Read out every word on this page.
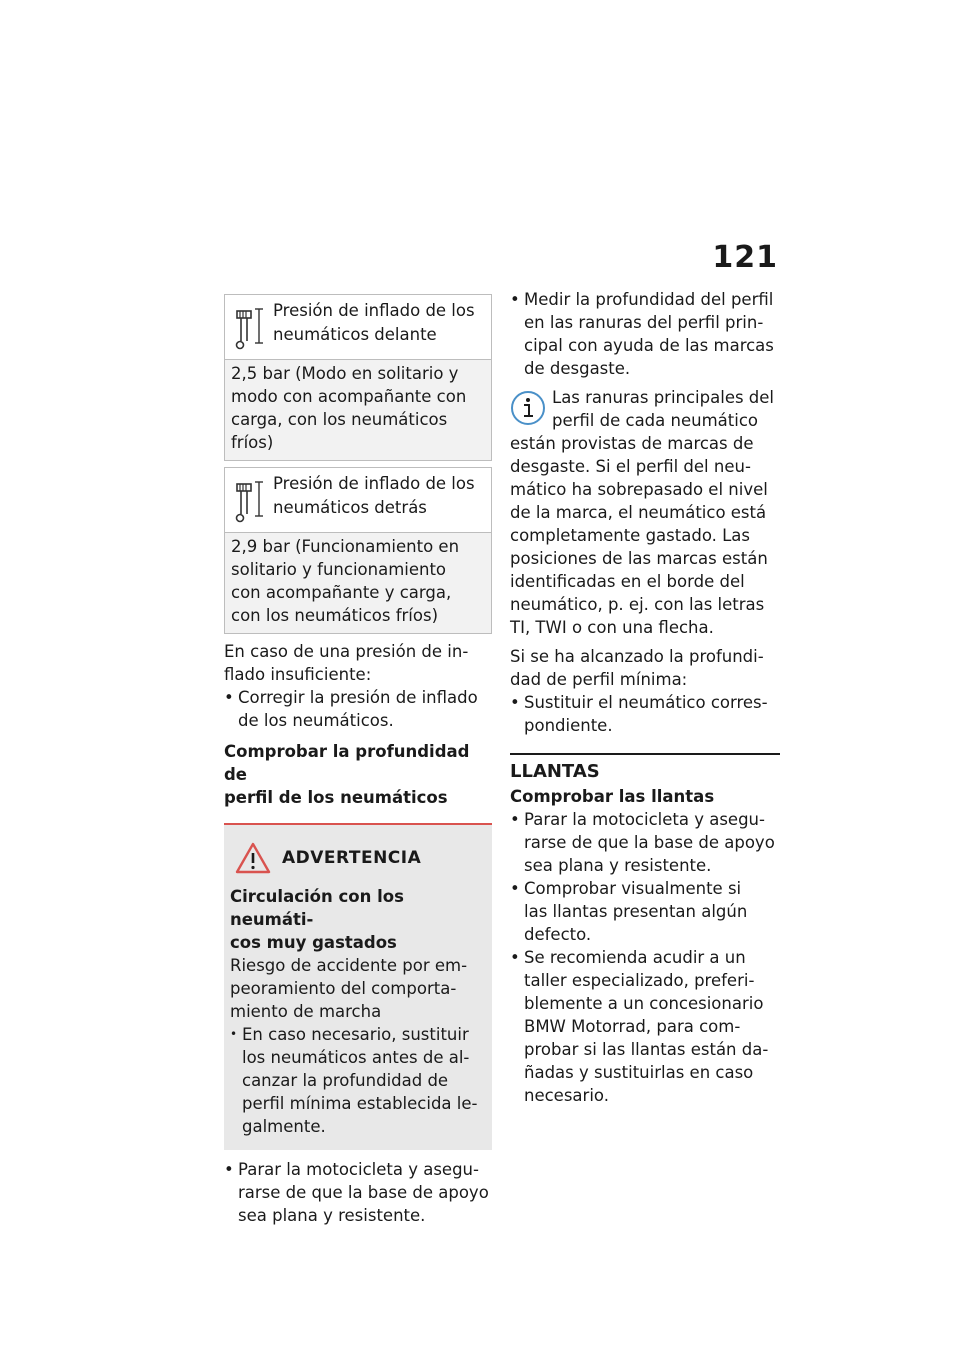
121
Presión de inflado de los
neumáticos delante
2,5 bar (Modo en solitario y
modo con acompañante con
carga, con los neumáticos
fríos)
Presión de inflado de los
neumáticos detrás
2,9 bar (Funcionamiento en
solitario y funcionamiento
con acompañante y carga,
con los neumáticos fríos)
En caso de una presión de in-
flado insuficiente:
• Corregir la presión de inflado
de los neumáticos.
Comprobar la profundidad de
perfil de los neumáticos
ADVERTENCIA
Circulación con los neumáti-
cos muy gastados
Riesgo de accidente por em-
peoramiento del comporta-
miento de marcha
• En caso necesario, sustituir
los neumáticos antes de al-
canzar la profundidad de
perfil mínima establecida le-
galmente.
• Parar la motocicleta y asegu-
rarse de que la base de apoyo
sea plana y resistente.
• Medir la profundidad del perfil
en las ranuras del perfil prin-
cipal con ayuda de las marcas
de desgaste.
Las ranuras principales del
perfil de cada neumático
están provistas de marcas de
desgaste. Si el perfil del neu-
mático ha sobrepasado el nivel
de la marca, el neumático está
completamente gastado. Las
posiciones de las marcas están
identificadas en el borde del
neumático, p. ej. con las letras
TI, TWI o con una flecha.
Si se ha alcanzado la profundi-
dad de perfil mínima:
• Sustituir el neumático corres-
pondiente.
LLANTAS
Comprobar las llantas
• Parar la motocicleta y asegu-
rarse de que la base de apoyo
sea plana y resistente.
• Comprobar visualmente si
las llantas presentan algún
defecto.
• Se recomienda acudir a un
taller especializado, preferi-
blemente a un concesionario
BMW Motorrad, para com-
probar si las llantas están da-
ñadas y sustituirlas en caso
necesario.
